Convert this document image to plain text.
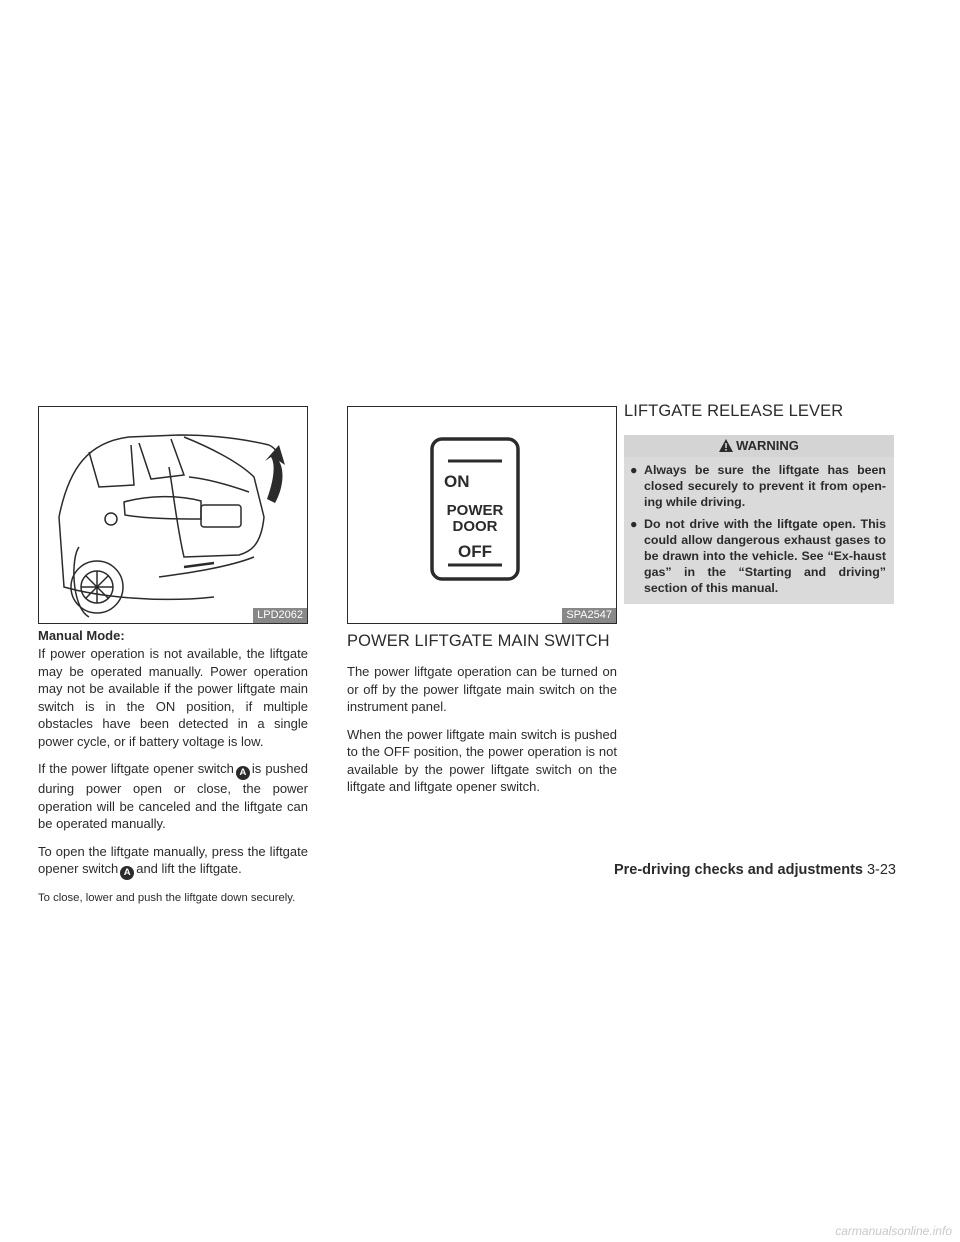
LPD2062
Manual Mode:

If power operation is not available, the liftgate may be operated manually. Power operation may not be available if the power liftgate main switch is in the ON position, if multiple obstacles have been detected in a single power cycle, or if battery voltage is low.

If the power liftgate opener switch A is pushed during power open or close, the power operation will be canceled and the liftgate can be operated manually.

To open the liftgate manually, press the liftgate opener switch A and lift the liftgate.

To close, lower and push the liftgate down securely.

ON
POWER
DOOR
OFF
SPA2547
POWER LIFTGATE MAIN SWITCH

The power liftgate operation can be turned on or off by the power liftgate main switch on the instrument panel.

When the power liftgate main switch is pushed to the OFF position, the power operation is not available by the power liftgate switch on the liftgate and liftgate opener switch.

LIFTGATE RELEASE LEVER
WARNING
● Always be sure the liftgate has been closed securely to prevent it from open-ing while driving.
● Do not drive with the liftgate open. This could allow dangerous exhaust gases to be drawn into the vehicle. See “Ex-haust gas” in the “Starting and driving” section of this manual.
Pre-driving checks and adjustments 3-23
carmanualsonline.info
